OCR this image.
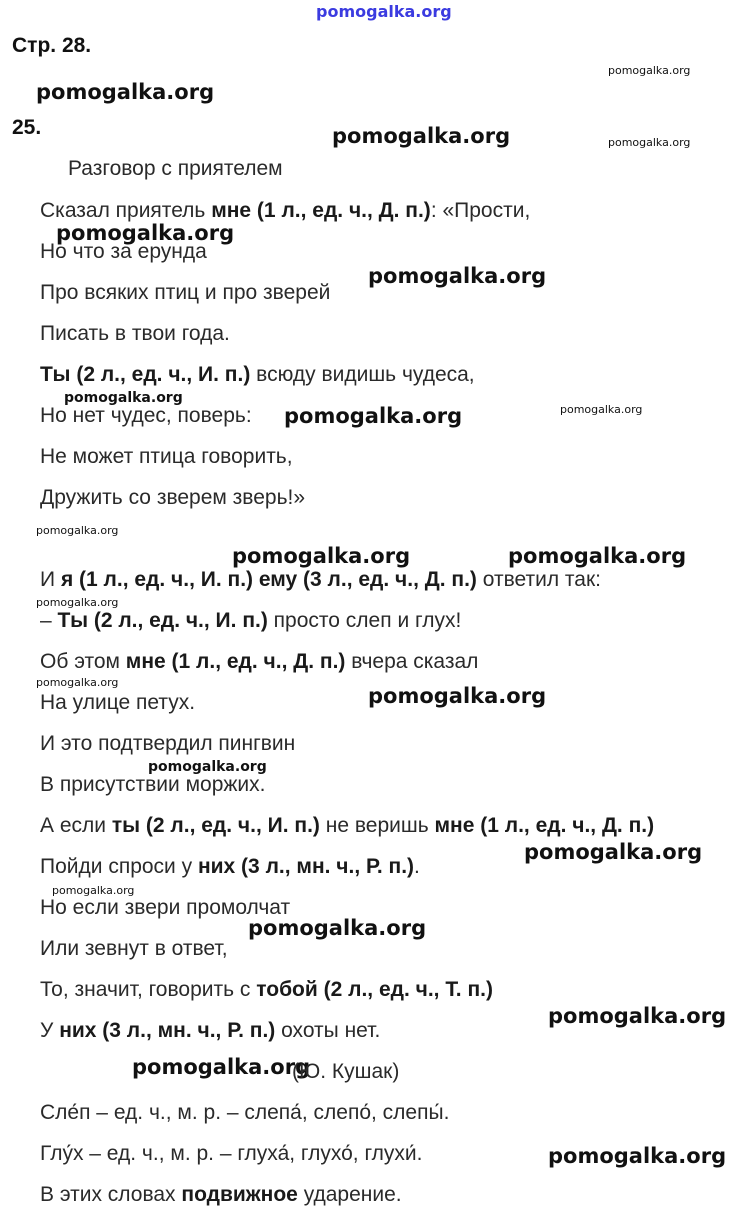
pomogalka.org
pomogalka.org
pomogalka.org
pomogalka.org	pomogalka.org
pomogalka.org
pomogalka.org
pomogalka.org
pomogalka.org
pomogalka.org
pomogalka.org
pomogalka.org	pomogalka.org
pomogalka.org
pomogalka.org
pomogalka.org
pomogalka.org
pomogalka.org
pomogalka.org
pomogalka.org
pomogalka.org
pomogalka.org
pomogalka.org
Стр. 28.
25.
Разговор с приятелем
Сказал приятель мне (1 л., ед. ч., Д. п.): «Прости,
Но что за ерунда
Про всяких птиц и про зверей
Писать в твои года.
Ты (2 л., ед. ч., И. п.) всюду видишь чудеса,
Но нет чудес, поверь:
Не может птица говорить,
Дружить со зверем зверь!»
И я (1 л., ед. ч., И. п.) ему (3 л., ед. ч., Д. п.) ответил так:
– Ты (2 л., ед. ч., И. п.) просто слеп и глух!
Об этом мне (1 л., ед. ч., Д. п.) вчера сказал
На улице петух.
И это подтвердил пингвин
В присутствии моржих.
А если ты (2 л., ед. ч., И. п.) не веришь мне (1 л., ед. ч., Д. п.)
Пойди спроси у них (3 л., мн. ч., Р. п.).
Но если звери промолчат
Или зевнут в ответ,
То, значит, говорить с тобой (2 л., ед. ч., Т. п.)
У них (3 л., мн. ч., Р. п.) охоты нет.
(Ю. Кушак)
Сле́п – ед. ч., м. р. – слепа́, слепо́, слепы́.
Глу́х – ед. ч., м. р. – глуха́, глухо́, глухи́.
В этих словах подвижное ударение.
